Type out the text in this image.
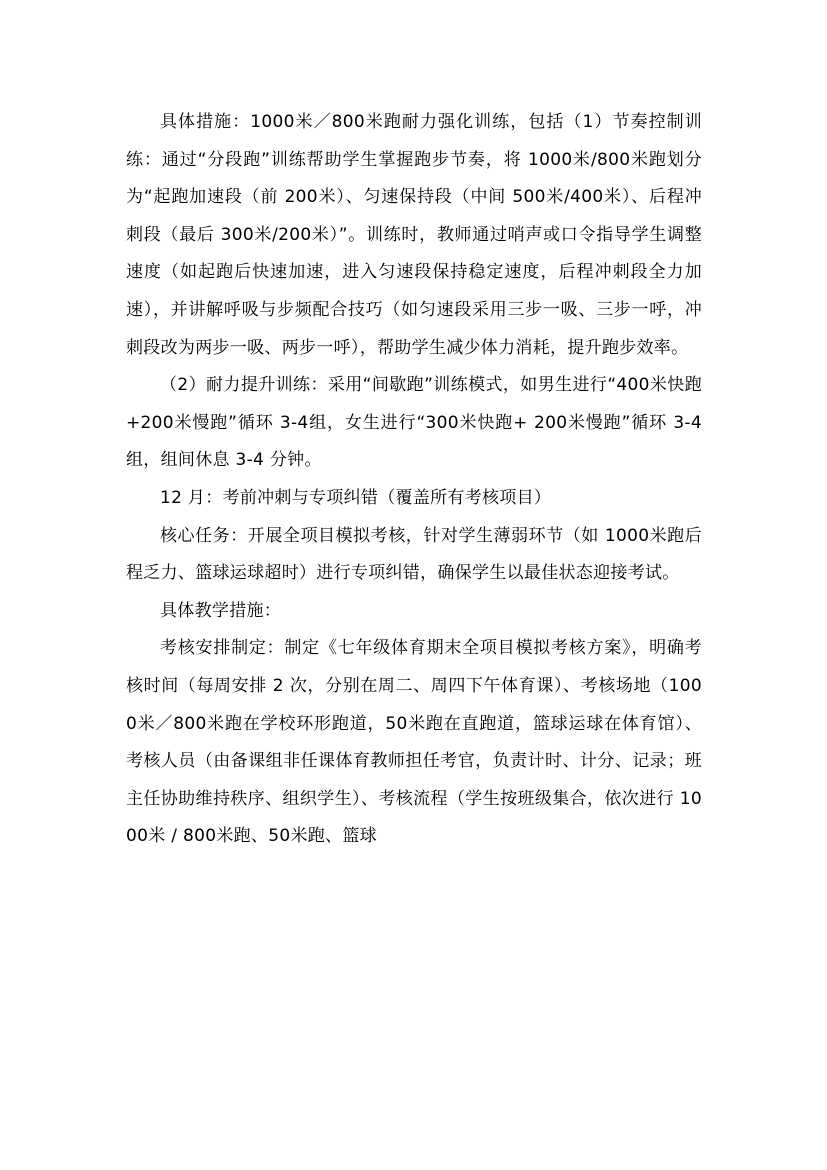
具体措施：1000米／800米跑耐力强化训练，包括（1）节奏控制训练：通过“分段跑”训练帮助学生掌握跑步节奏，将 1000米/800米跑划分为“起跑加速段（前 200米）、匀速保持段（中间 500米/400米）、后程冲刺段（最后 300米/200米）”。训练时，教师通过哨声或口令指导学生调整速度（如起跑后快速加速，进入匀速段保持稳定速度，后程冲刺段全力加速），并讲解呼吸与步频配合技巧（如匀速段采用三步一吸、三步一呼，冲刺段改为两步一吸、两步一呼），帮助学生减少体力消耗，提升跑步效率。

（2）耐力提升训练：采用“间歇跑”训练模式，如男生进行“400米快跑+200米慢跑”循环 3-4组，女生进行“300米快跑+ 200米慢跑”循环 3-4组，组间休息 3-4 分钟。

12 月：考前冲刺与专项纠错（覆盖所有考核项目）

核心任务：开展全项目模拟考核，针对学生薄弱环节（如 1000米跑后程乏力、篮球运球超时）进行专项纠错，确保学生以最佳状态迎接考试。

具体教学措施：

考核安排制定：制定《七年级体育期末全项目模拟考核方案》，明确考核时间（每周安排 2 次，分别在周二、周四下午体育课）、考核场地（1000米／800米跑在学校环形跑道，50米跑在直跑道，篮球运球在体育馆）、考核人员（由备课组非任课体育教师担任考官，负责计时、计分、记录；班主任协助维持秩序、组织学生）、考核流程（学生按班级集合，依次进行 1000米 / 800米跑、50米跑、篮球
